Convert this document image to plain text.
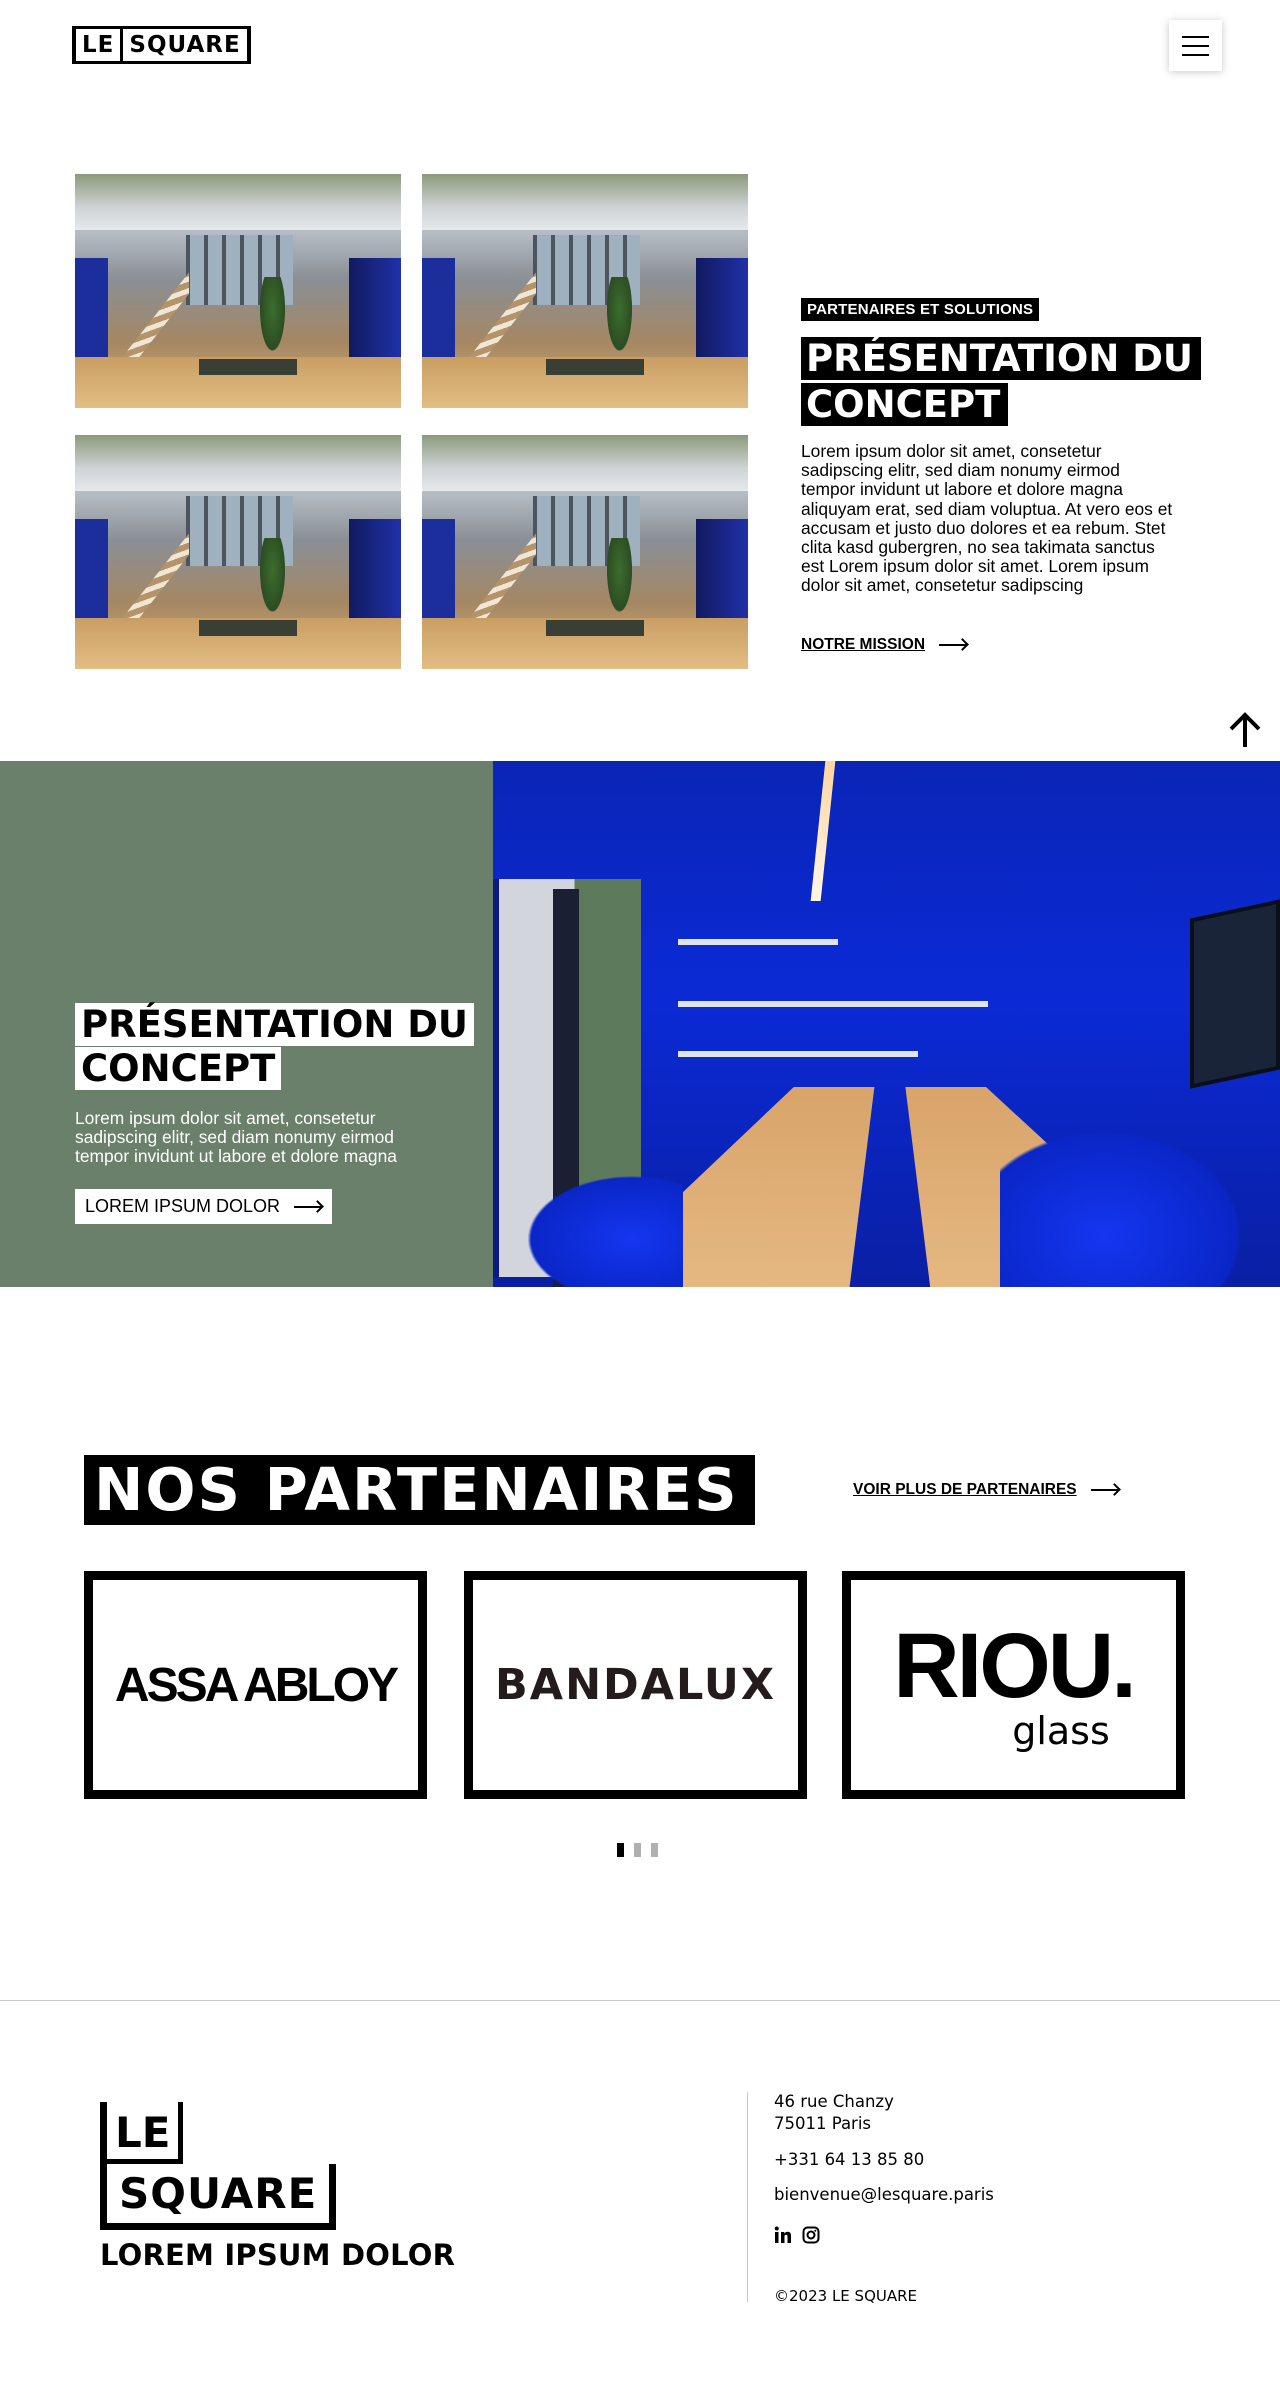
LE SQUARE
PARTENAIRES ET SOLUTIONS
PRÉSENTATION DU
CONCEPT
Lorem ipsum dolor sit amet, consetetur sadipscing elitr, sed diam nonumy eirmod tempor invidunt ut labore et dolore magna aliquyam erat, sed diam voluptua. At vero eos et accusam et justo duo dolores et ea rebum. Stet clita kasd gubergren, no sea takimata sanctus est Lorem ipsum dolor sit amet. Lorem ipsum dolor sit amet, consetetur sadipscing
NOTRE MISSION
PRÉSENTATION DU
CONCEPT
Lorem ipsum dolor sit amet, consetetur sadipscing elitr, sed diam nonumy eirmod tempor invidunt ut labore et dolore magna
LOREM IPSUM DOLOR
NOS PARTENAIRES	VOIR PLUS DE PARTENAIRES
ASSA ABLOY BANDALUX RIOU.
glass
LE
SQUARE
LOREM IPSUM DOLOR
46 rue Chanzy
75011 Paris
+331 64 13 85 80
bienvenue@lesquare.paris
©2023 LE SQUARE
